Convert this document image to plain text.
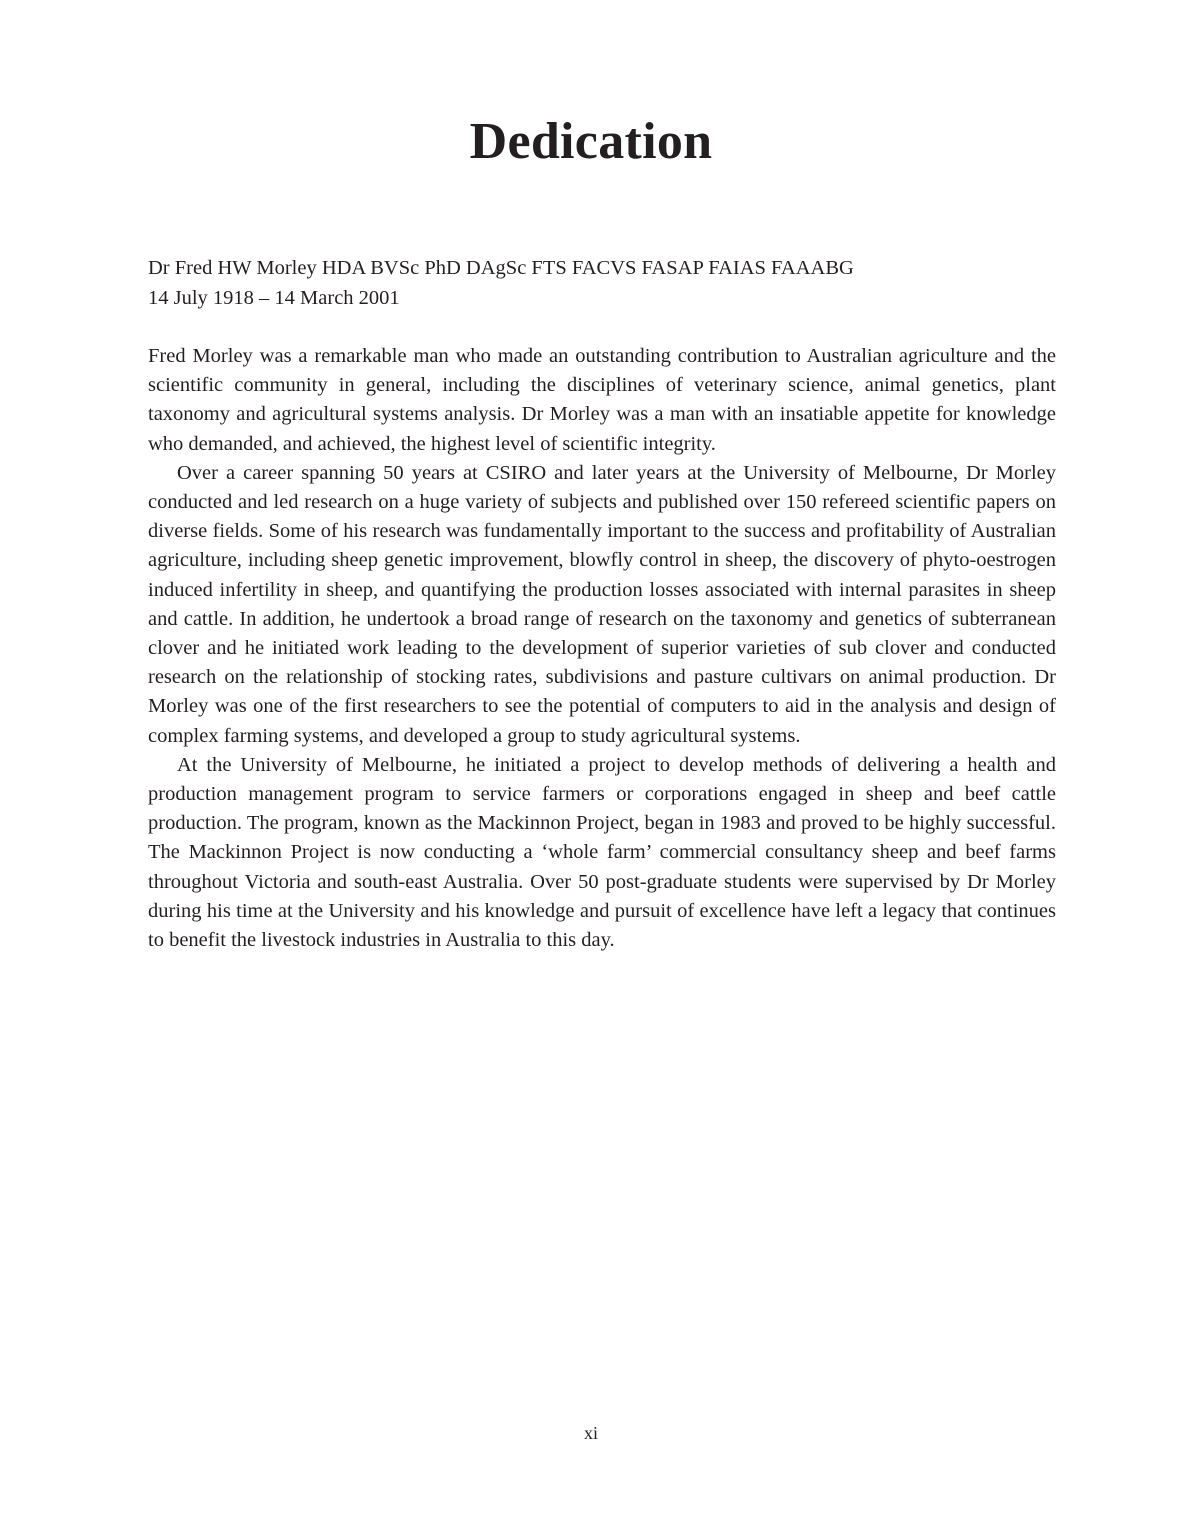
Dedication
Dr Fred HW Morley HDA BVSc PhD DAgSc FTS FACVS FASAP FAIAS FAAABG
14 July 1918 – 14 March 2001

Fred Morley was a remarkable man who made an outstanding contribution to Australian agriculture and the scientific community in general, including the disciplines of veterinary science, animal genetics, plant taxonomy and agricultural systems analysis. Dr Morley was a man with an insatiable appetite for knowledge who demanded, and achieved, the highest level of scientific integrity.

Over a career spanning 50 years at CSIRO and later years at the University of Melbourne, Dr Morley conducted and led research on a huge variety of subjects and published over 150 refereed scientific papers on diverse fields. Some of his research was fundamentally important to the success and profitability of Australian agriculture, including sheep genetic improvement, blowfly control in sheep, the discovery of phyto-oestrogen induced infertility in sheep, and quantifying the production losses associated with internal parasites in sheep and cattle. In addition, he undertook a broad range of research on the taxonomy and genetics of subterranean clover and he initiated work leading to the development of superior varieties of sub clover and conducted research on the relationship of stocking rates, subdivisions and pasture cultivars on animal production. Dr Morley was one of the first researchers to see the potential of computers to aid in the analysis and design of complex farming systems, and developed a group to study agricultural systems.

At the University of Melbourne, he initiated a project to develop methods of delivering a health and production management program to service farmers or corporations engaged in sheep and beef cattle production. The program, known as the Mackinnon Project, began in 1983 and proved to be highly successful. The Mackinnon Project is now conducting a ‘whole farm’ commercial consultancy sheep and beef farms throughout Victoria and south-east Australia. Over 50 post-graduate students were supervised by Dr Morley during his time at the University and his knowledge and pursuit of excellence have left a legacy that continues to benefit the livestock industries in Australia to this day.

xi
